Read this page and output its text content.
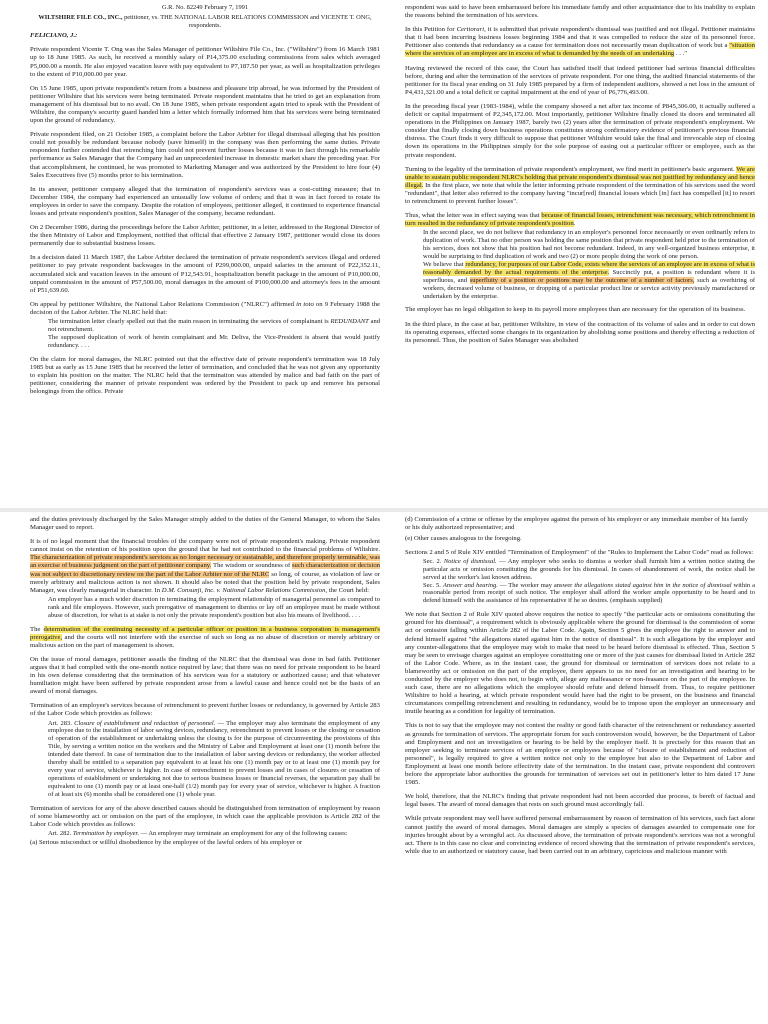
G.R. No. 82249 February 7, 1991
WILTSHIRE FILE CO., INC., petitioner, vs. THE NATIONAL LABOR RELATIONS COMMISSION and VICENTE T. ONG, respondents.

FELICIANO, J.:

Private respondent Vicente T. Ong was the Sales Manager of petitioner Wiltshire File Co., Inc. ("Wiltshire") from 16 March 1981 up to 18 June 1985. As such, he received a monthly salary of P14,375.00 excluding commissions from sales which averaged P5,000.00 a month. He also enjoyed vacation leave with pay equivalent to P7,187.50 per year, as well as hospitalization privileges to the extent of P10,000.00 per year.

On 15 June 1985, upon private respondent's return from a business and pleasure trip abroad, he was informed by the President of petitioner Wiltshire that his services were being terminated. Private respondent maintains that he tried to get an explanation from management of his dismissal but to no avail. On 18 June 1985, when private respondent again tried to speak with the President of Wiltshire, the company's security guard handed him a letter which formally informed him that his services were being terminated upon the ground of redundancy.

Private respondent filed, on 21 October 1985, a complaint before the Labor Arbiter for illegal dismissal alleging that his position could not possibly be redundant because nobody (save himself) in the company was then performing the same duties. Private respondent further contended that retrenching him could not prevent further losses because it was in fact through his remarkable performance as Sales Manager that the Company had an unprecedented increase in domestic market share the preceding year. For that accomplishment, he continued, he was promoted to Marketing Manager and was authorized by the President to hire four (4) Sales Executives five (5) months prior to his termination.

In its answer, petitioner company alleged that the termination of respondent's services was a cost-cutting measure; that in December 1984, the company had experienced an unusually low volume of orders; and that it was in fact forced to rotate its employees in order to save the company. Despite the rotation of employees, petitioner alleged, it continued to experience financial losses and private respondent's position, Sales Manager of the company, became redundant.

On 2 December 1986, during the proceedings before the Labor Arbiter, petitioner, in a letter, addressed to the Regional Director of the then Ministry of Labor and Employment, notified that official that effective 2 January 1987, petitioner would close its doors permanently due to substantial business losses.

In a decision dated 11 March 1987, the Labor Arbiter declared the termination of private respondent's services illegal and ordered petitioner to pay private respondent backwages in the amount of P299,000.00, unpaid salaries in the amount of P22,352.11, accumulated sick and vacation leaves in the amount of P12,543.91, hospitalization benefit package in the amount of P10,000.00, unpaid commission in the amount of P57,500.00, moral damages in the amount of P100,000.00 and attorney's fees in the amount of P51,639.60.

On appeal by petitioner Wiltshire, the National Labor Relations Commission ("NLRC") affirmed in toto on 9 February 1988 the decision of the Labor Arbiter. The NLRC held that:

The termination letter clearly spelled out that the main reason in terminating the services of complainant is REDUNDANT and not retrenchment.
The supposed duplication of work of herein complainant and Mr. Deliva, the Vice-President is absent that would justify redundancy. . . .

On the claim for moral damages, the NLRC pointed out that the effective date of private respondent's termination was 18 July 1985 but as early as 15 June 1985 that he received the letter of termination, and concluded that he was not given any opportunity to explain his position on the matter. The NLRC held that the termination was attended by malice and bad faith on the part of petitioner, considering the manner of private respondent was ordered by the President to pack up and remove his personal belongings from the office. Private

respondent was said to have been embarrassed before his immediate family and other acquaintance due to his inability to explain the reasons behind the termination of his services.

In this Petition for Certiorari, it is submitted that private respondent's dismissal was justified and not illegal. Petitioner maintains that it had been incurring business losses beginning 1984 and that it was compelled to reduce the size of its personnel force. Petitioner also contends that redundancy as a cause for termination does not necessarily mean duplication of work but a "situation where the services of an employee are in excess of what is demanded by the needs of an undertaking . . ."

Having reviewed the record of this case, the Court has satisfied itself that indeed petitioner had serious financial difficulties before, during and after the termination of the services of private respondent. For one thing, the audited financial statements of the petitioner for its fiscal year ending on 31 July 1985 prepared by a firm of independent auditors, showed a net loss in the amount of P4,431,321.00 and a total deficit or capital impairment at the end of year of P6,776,493.00.

In the preceding fiscal year (1983-1984), while the company showed a net after tax income of P845,306.00, it actually suffered a deficit or capital impairment of P2,345,172.00. Most importantly, petitioner Wiltshire finally closed its doors and terminated all operations in the Philippines on January 1987, barely two (2) years after the termination of private respondent's employment. We consider that finally closing down business operations constitutes strong confirmatory evidence of petitioner's previous financial distress. The Court finds it very difficult to suppose that petitioner Wiltshire would take the final and irrevocable step of closing down its operations in the Philippines simply for the sole purpose of easing out a particular officer or employee, such as the private respondent.

Turning to the legality of the termination of private respondent's employment, we find merit in petitioner's basic argument. We are unable to sustain public respondent NLRC's holding that private respondent's dismissal was not justified by redundancy and hence illegal. In the first place, we note that while the letter informing private respondent of the termination of his services used the word "redundant", that letter also referred to the company having "incur[red] financial losses which [in] fact has compelled [it] to resort to retrenchment to prevent further losses".

Thus, what the letter was in effect saying was that because of financial losses, retrenchment was necessary, which retrenchment in turn resulted in the redundancy of private respondent's position.

In the second place, we do not believe that redundancy in an employer's personnel force necessarily or even ordinarily refers to duplication of work. That no other person was holding the same position that private respondent held prior to the termination of his services, does not show that his position had not become redundant. Indeed, in any well-organized business enterprise, it would be surprising to find duplication of work and two (2) or more people doing the work of one person.
We believe that redundancy, for purposes of our Labor Code, exists where the services of an employee are in excess of what is reasonably demanded by the actual requirements of the enterprise. Succinctly put, a position is redundant where it is superfluous, and superfluity of a position or positions may be the outcome of a number of factors, such as overhiring of workers, decreased volume of business, or dropping of a particular product line or service activity previously manufactured or undertaken by the enterprise.

The employer has no legal obligation to keep in its payroll more employees than are necessary for the operation of its business.

In the third place, in the case at bar, petitioner Wiltshire, in view of the contraction of its volume of sales and in order to cut down its operating expenses, effected some changes in its organization by abolishing some positions and thereby effecting a reduction of its personnel. Thus, the position of Sales Manager was abolished

and the duties previously discharged by the Sales Manager simply added to the duties of the General Manager, to whom the Sales Manager used to report.

It is of no legal moment that the financial troubles of the company were not of private respondent's making. Private respondent cannot insist on the retention of his position upon the ground that he had not contributed to the financial problems of Wiltshire. The characterization of private respondent's services as no longer necessary or sustainable, and therefore properly terminable, was an exercise of business judgment on the part of petitioner company. The wisdom or soundness of such characterization or decision was not subject to discretionary review on the part of the Labor Arbiter nor of the NLRC so long, of course, as violation of law or merely arbitrary and malicious action is not shown. It should also be noted that the position held by private respondent, Sales Manager, was clearly managerial in character. In D.M. Consunji, Inc. v. National Labor Relations Commission, the Court held:

An employer has a much wider discretion in terminating the employment relationship of managerial personnel as compared to rank and file employees. However, such prerogative of management to dismiss or lay off an employee must be made without abuse of discretion, for what is at stake is not only the private respondent's position but also his means of livelihood. . . .

The determination of the continuing necessity of a particular officer or position in a business corporation is management's prerogative, and the courts will not interfere with the exercise of such so long as no abuse of discretion or merely arbitrary or malicious action on the part of management is shown.

On the issue of moral damages, petitioner assails the finding of the NLRC that the dismissal was done in bad faith. Petitioner argues that it had complied with the one-month notice required by law; that there was no need for private respondent to be heard in his own defense considering that the termination of his services was for a statutory or authorized cause; and that whatever humiliation might have been suffered by private respondent arose from a lawful cause and hence could not be the basis of an award of moral damages.

Termination of an employee's services because of retrenchment to prevent further losses or redundancy, is governed by Article 283 of the Labor Code which provides as follows:

Art. 283. Closure of establishment and reduction of personnel. — The employer may also terminate the employment of any employee due to the installation of labor saving devices, redundancy, retrenchment to prevent losses or the closing or cessation of operation of the establishment or undertaking unless the closing is for the purpose of circumventing the provisions of this Title, by serving a written notice on the workers and the Ministry of Labor and Employment at least one (1) month before the intended date thereof. In case of termination due to the installation of labor saving devices or redundancy, the worker affected thereby shall be entitled to a separation pay equivalent to at least his one (1) month pay or to at least one (1) month pay for every year of service, whichever is higher. In case of retrenchment to prevent losses and in cases of closures or cessation of operations of establishment or undertaking not due to serious business losses or financial reverses, the separation pay shall be equivalent to one (1) month pay or at least one-half (1/2) month pay for every year of service, whichever is higher. A fraction of at least six (6) months shall be considered one (1) whole year.

Termination of services for any of the above described causes should be distinguished from termination of employment by reason of some blameworthy act or omission on the part of the employee, in which case the applicable provision is Article 282 of the Labor Code which provides as follows:

Art. 282. Termination by employer. — An employer may terminate an employment for any of the following causes:
(a) Serious misconduct or willful disobedience by the employee of the lawful orders of his employer or
(d) Commission of a crime or offense by the employee against the person of his employer or any immediate member of his family or his duly authorized representative; and
(e) Other causes analogous to the foregoing.

Sections 2 and 5 of Rule XIV entitled "Termination of Employment" of the "Rules to Implement the Labor Code" read as follows:

Sec. 2. Notice of dismissal. — Any employer who seeks to dismiss a worker shall furnish him a written notice stating the particular acts or omission constituting the grounds for his dismissal. In cases of abandonment of work, the notice shall be served at the worker's last known address.
Sec. 5. Answer and hearing. — The worker may answer the allegations stated against him in the notice of dismissal within a reasonable period from receipt of such notice. The employer shall afford the worker ample opportunity to be heard and to defend himself with the assistance of his representative if he so desires. (emphasis supplied)

We note that Section 2 of Rule XIV quoted above requires the notice to specify "the particular acts or omissions constituting the ground for his dismissal", a requirement which is obviously applicable where the ground for dismissal is the commission of some act or omission falling within Article 282 of the Labor Code. Again, Section 5 gives the employee the right to answer and to defend himself against "the allegations stated against him in the notice of dismissal". It is such allegations by the employer and any counter-allegations that the employee may wish to make that need to be heard before dismissal is effected. Thus, Section 5 may be seen to envisage charges against an employee constituting one or more of the just causes for dismissal listed in Article 282 of the Labor Code. Where, as in the instant case, the ground for dismissal or termination of services does not relate to a blameworthy act or omission on the part of the employee, there appears to us no need for an investigation and hearing to be conducted by the employer who does not, to begin with, allege any malfeasance or non-feasance on the part of the employee. In such case, there are no allegations which the employee should refute and defend himself from. Thus, to require petitioner Wiltshire to hold a hearing, at which private respondent would have had the right to be present, on the business and financial circumstances compelling retrenchment and resulting in redundancy, would be to impose upon the employer an unnecessary and inutile hearing as a condition for legality of termination.

This is not to say that the employee may not contest the reality or good faith character of the retrenchment or redundancy asserted as grounds for termination of services. The appropriate forum for such controversion would, however, be the Department of Labor and Employment and not an investigation or hearing to be held by the employer itself. It is precisely for this reason that an employer seeking to terminate services of an employee or employees because of "closure of establishment and reduction of personnel", is legally required to give a written notice not only to the employee but also to the Department of Labor and Employment at least one month before effectivity date of the termination. In the instant case, private respondent did controvert before the appropriate labor authorities the grounds for termination of services set out in petitioner's letter to him dated 17 June 1985.

We hold, therefore, that the NLRC's finding that private respondent had not been accorded due process, is bereft of factual and legal bases. The award of moral damages that rests on such ground must accordingly fall.

While private respondent may well have suffered personal embarrassment by reason of termination of his services, such fact alone cannot justify the award of moral damages. Moral damages are simply a species of damages awarded to compensate one for injuries brought about by a wrongful act. As discussed above, the termination of private respondent's services was not a wrongful act. There is in this case no clear and convincing evidence of record showing that the termination of private respondent's services, while due to an authorized or statutory cause, had been carried out in an arbitrary, capricious and malicious manner with
